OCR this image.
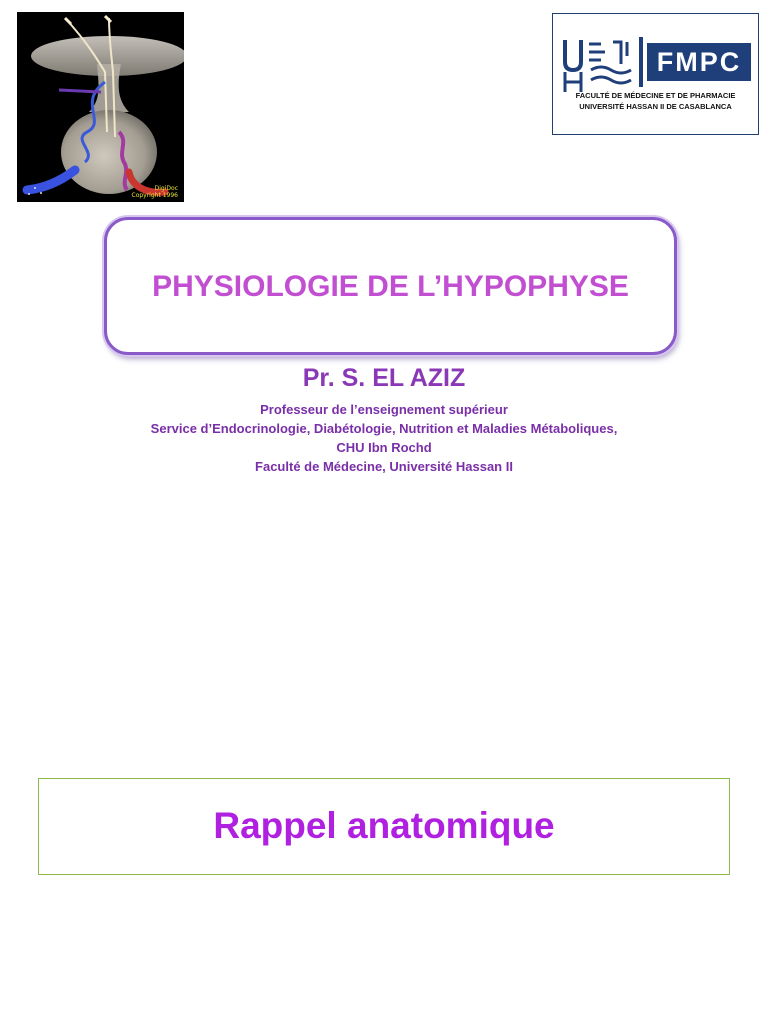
DigiDoc
Copyright 1996
FMPC
FACULTÉ DE MÉDECINE ET DE PHARMACIE
UNIVERSITÉ HASSAN II DE CASABLANCA
PHYSIOLOGIE DE L’HYPOPHYSE
Pr. S. EL AZIZ
Professeur de l’enseignement supérieur
Service d’Endocrinologie, Diabétologie, Nutrition et Maladies Métaboliques,
CHU Ibn Rochd
Faculté de Médecine, Université Hassan II
Rappel anatomique
